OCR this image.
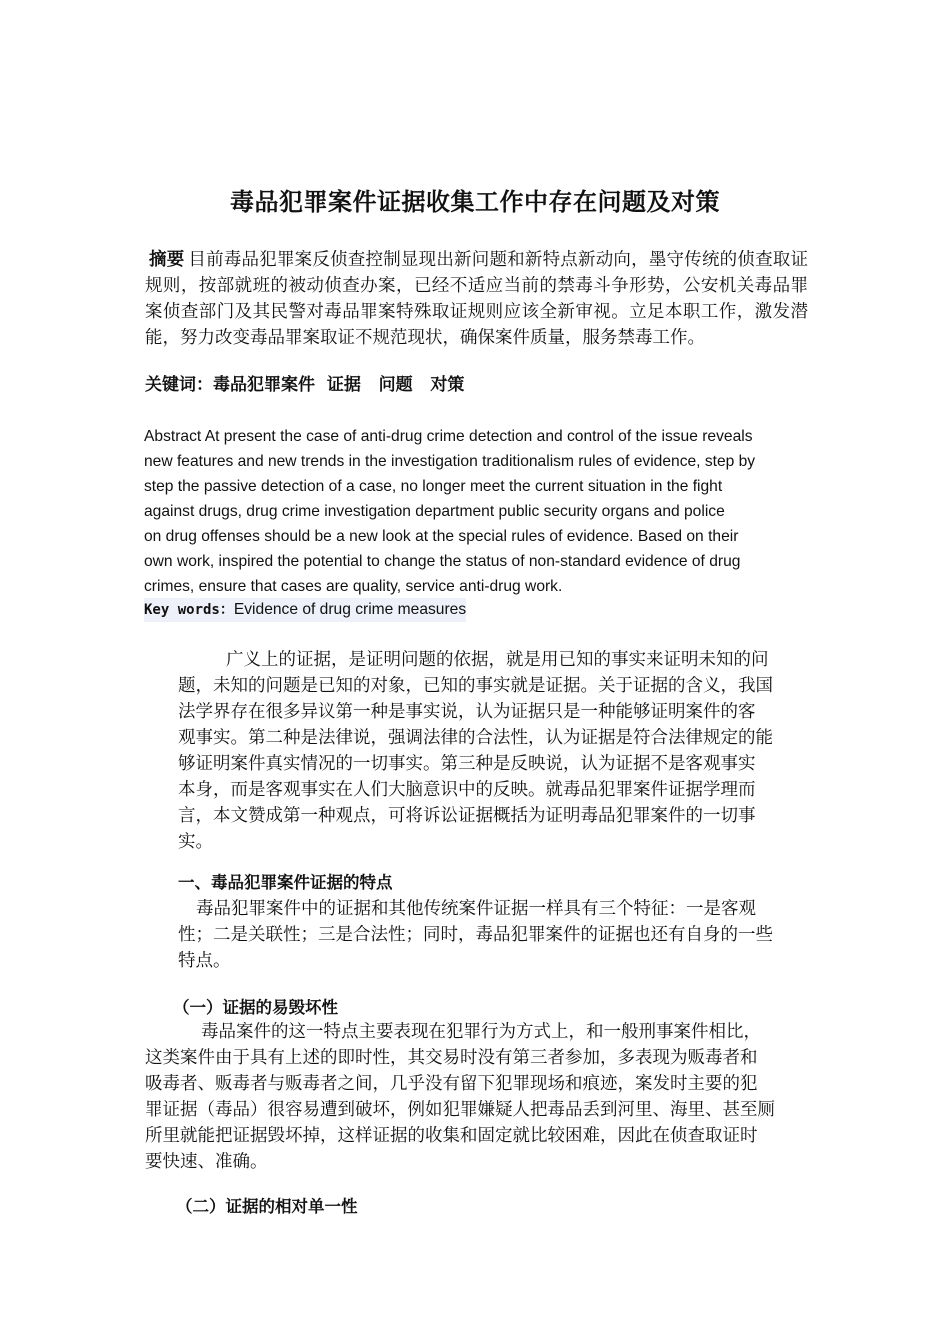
毒品犯罪案件证据收集工作中存在问题及对策

摘要 目前毒品犯罪案反侦查控制显现出新问题和新特点新动向，墨守传统的侦查取证规则，按部就班的被动侦查办案，已经不适应当前的禁毒斗争形势，公安机关毒品罪案侦查部门及其民警对毒品罪案特殊取证规则应该全新审视。立足本职工作，激发潜能，努力改变毒品罪案取证不规范现状，确保案件质量，服务禁毒工作。

关键词：毒品犯罪案件  证据   问题   对策

Abstract At present the case of anti-drug crime detection and control of the issue reveals
new features and new trends in the investigation traditionalism rules of evidence, step by
step the passive detection of a case, no longer meet the current situation in the fight
against drugs, drug crime investigation department public security organs and police
on drug offenses should be a new look at the special rules of evidence. Based on their
own work, inspired the potential to change the status of non-standard evidence of drug
crimes, ensure that cases are quality, service anti-drug work.

Key words：Evidence of drug crime measures

广义上的证据，是证明问题的依据，就是用已知的事实来证明未知的问
题，未知的问题是已知的对象，已知的事实就是证据。关于证据的含义，我国
法学界存在很多异议第一种是事实说，认为证据只是一种能够证明案件的客
观事实。第二种是法律说，强调法律的合法性，认为证据是符合法律规定的能
够证明案件真实情况的一切事实。第三种是反映说，认为证据不是客观事实
本身，而是客观事实在人们大脑意识中的反映。就毒品犯罪案件证据学理而
言，本文赞成第一种观点，可将诉讼证据概括为证明毒品犯罪案件的一切事
实。

一、毒品犯罪案件证据的特点

毒品犯罪案件中的证据和其他传统案件证据一样具有三个特征：一是客观
性；二是关联性；三是合法性；同时，毒品犯罪案件的证据也还有自身的一些
特点。

（一）证据的易毁坏性

毒品案件的这一特点主要表现在犯罪行为方式上，和一般刑事案件相比，
这类案件由于具有上述的即时性，其交易时没有第三者参加，多表现为贩毒者和
吸毒者、贩毒者与贩毒者之间，几乎没有留下犯罪现场和痕迹，案发时主要的犯
罪证据（毒品）很容易遭到破坏，例如犯罪嫌疑人把毒品丢到河里、海里、甚至厕
所里就能把证据毁坏掉，这样证据的收集和固定就比较困难，因此在侦查取证时
要快速、准确。

（二）证据的相对单一性
